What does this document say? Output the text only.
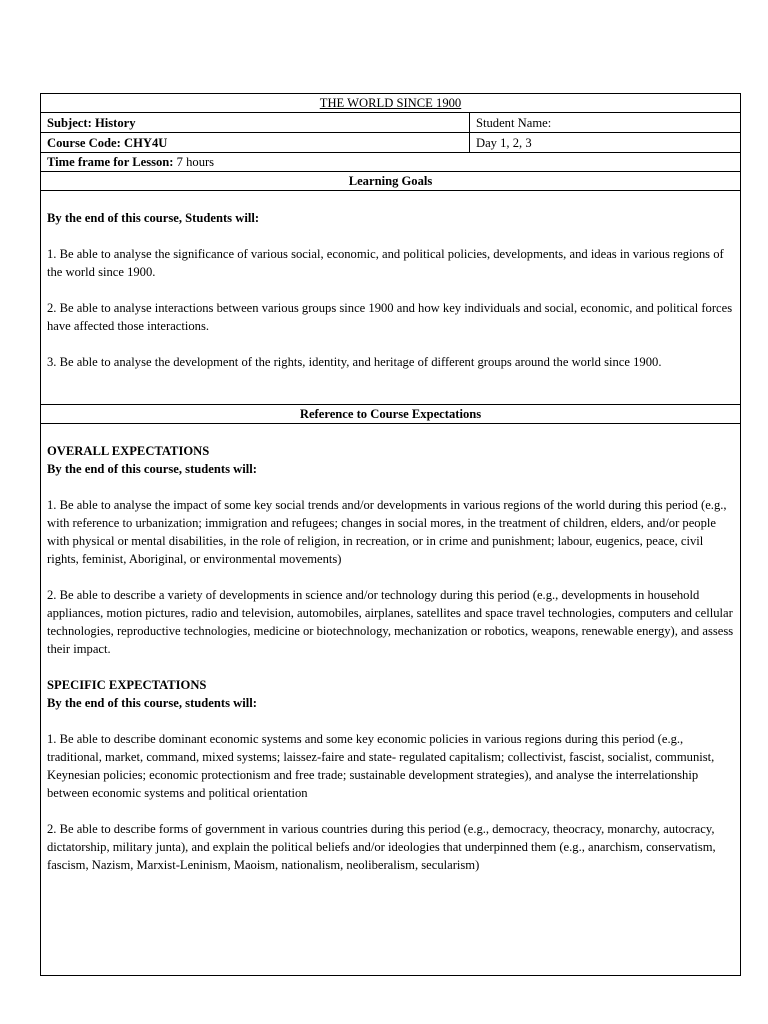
THE WORLD SINCE 1900
Subject:
History	Student Name:
Course Code:
CHY4U	Day 1, 2, 3
Time frame for Lesson:
7 hours
Learning Goals

By the end of this course, Students will:

1. Be able to analyse the significance of various social, economic, and political policies, developments, and ideas in various regions of the world since 1900.

2. Be able to analyse interactions between various groups since 1900 and how key individuals and social, economic, and political forces have affected those interactions.

3. Be able to analyse the development of the rights, identity, and heritage of different groups around the world since 1900.

Reference to Course Expectations

OVERALL EXPECTATIONS

By the end of this course, students will:

1. Be able to analyse the impact of some key social trends and/or developments in various regions of the world during this period (e.g., with reference to urbanization; immigration and refugees; changes in social mores, in the treatment of children, elders, and/or people with physical or mental disabilities, in the role of religion, in recreation, or in crime and punishment; labour, eugenics, peace, civil rights, feminist, Aboriginal, or environmental movements)

2. Be able to describe a variety of developments in science and/or technology during this period (e.g., developments in household appliances, motion pictures, radio and television, automobiles, airplanes, satellites and space travel technologies, computers and cellular technologies, reproductive technologies, medicine or biotechnology, mechanization or robotics, weapons, renewable energy), and assess their impact.

SPECIFIC EXPECTATIONS

By the end of this course, students will:

1. Be able to describe dominant economic systems and some key economic policies in various regions during this period (e.g., traditional, market, command, mixed systems; laissez-faire and state- regulated capitalism; collectivist, fascist, socialist, communist, Keynesian policies; economic protectionism and free trade; sustainable development strategies), and analyse the interrelationship between economic systems and political orientation

2. Be able to describe forms of government in various countries during this period (e.g., democracy, theocracy, monarchy, autocracy, dictatorship, military junta), and explain the political beliefs and/or ideologies that underpinned them (e.g., anarchism, conservatism, fascism, Nazism, Marxist-Leninism, Maoism, nationalism, neoliberalism, secularism)
